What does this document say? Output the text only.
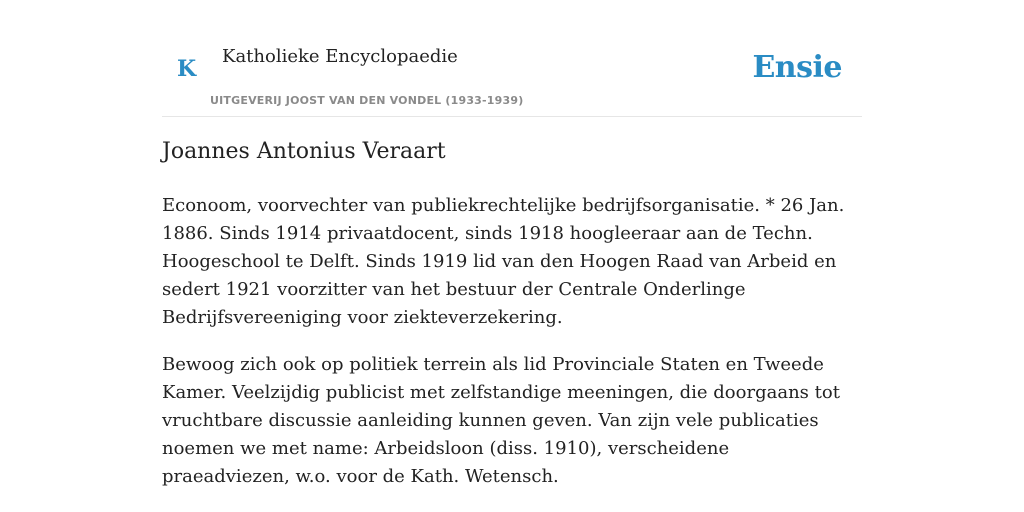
K Katholieke Encyclopaedie
UITGEVERIJ JOOST VAN DEN VONDEL (1933-1939)
Ensie
Joannes Antonius Veraart

Econoom, voorvechter van publiekrechtelijke bedrijfsorganisatie. * 26 Jan. 1886. Sinds 1914 privaatdocent, sinds 1918 hoogleeraar aan de Techn. Hoogeschool te Delft. Sinds 1919 lid van den Hoogen Raad van Arbeid en sedert 1921 voorzitter van het bestuur der Centrale Onderlinge Bedrijfsvereeniging voor ziekteverzekering.

Bewoog zich ook op politiek terrein als lid Provinciale Staten en Tweede Kamer. Veelzijdig publicist met zelfstandige meeningen, die doorgaans tot vruchtbare discussie aanleiding kunnen geven. Van zijn vele publicaties noemen we met name: Arbeidsloon (diss. 1910), verscheidene praeadviezen, w.o. voor de Kath. Wetensch.
